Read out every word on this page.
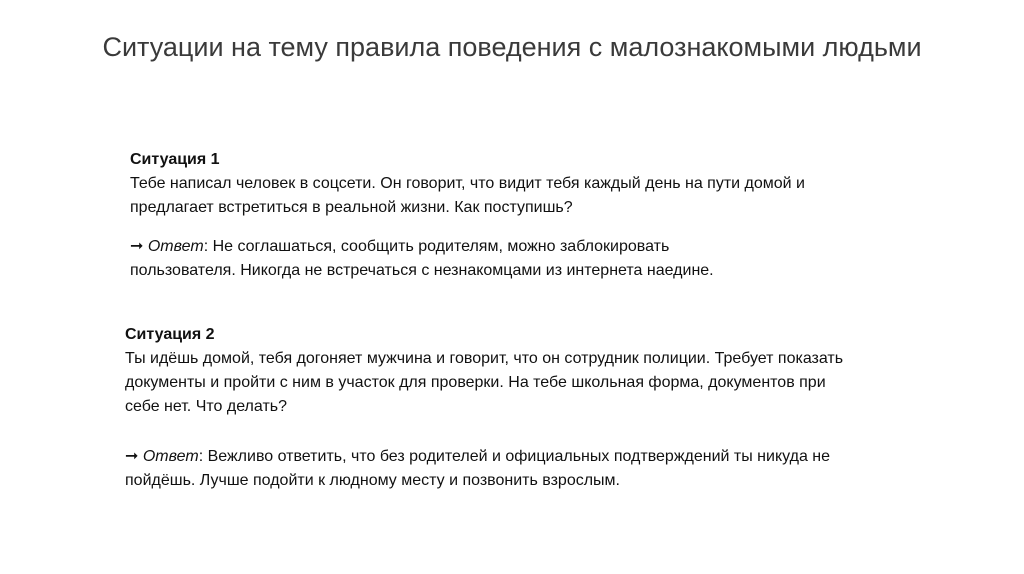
Ситуации на тему правила поведения с малознакомыми людьми
Ситуация 1
Тебе написал человек в соцсети. Он говорит, что видит тебя каждый день на пути домой и предлагает встретиться в реальной жизни. Как поступишь?
➞ Ответ: Не соглашаться, сообщить родителям, можно заблокировать пользователя. Никогда не встречаться с незнакомцами из интернета наедине.
Ситуация 2
Ты идёшь домой, тебя догоняет мужчина и говорит, что он сотрудник полиции. Требует показать документы и пройти с ним в участок для проверки. На тебе школьная форма, документов при себе нет. Что делать?
➞ Ответ: Вежливо ответить, что без родителей и официальных подтверждений ты никуда не пойдёшь. Лучше подойти к людному месту и позвонить взрослым.
